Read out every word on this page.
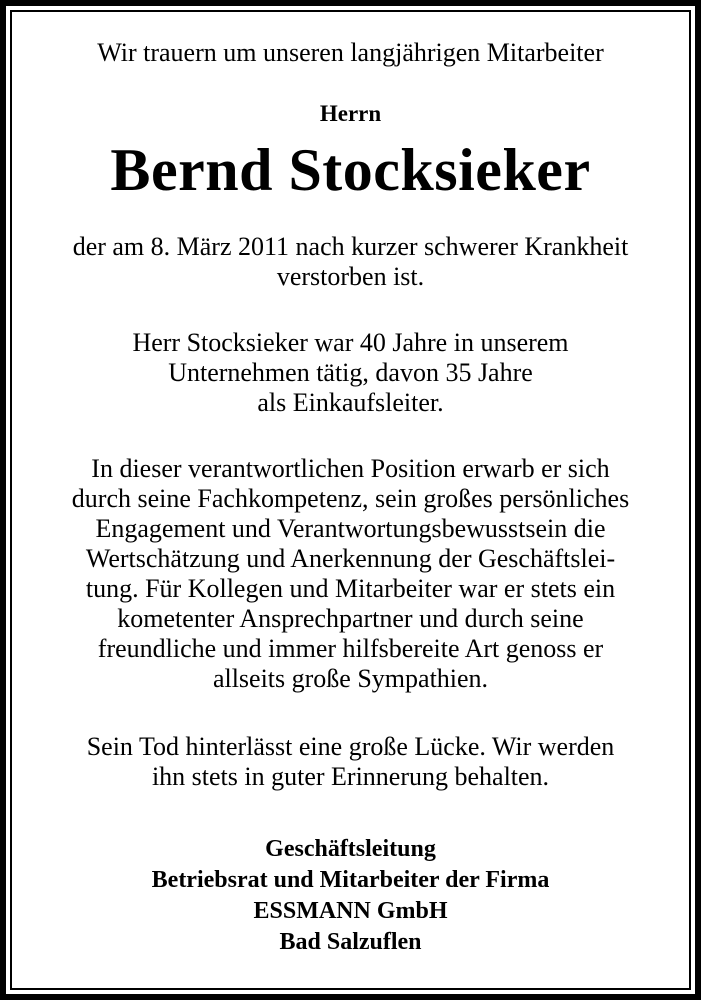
Wir trauern um unseren langjährigen Mitarbeiter
Herrn
Bernd Stocksieker
der am 8. März 2011 nach kurzer schwerer Krankheit
verstorben ist.
Herr Stocksieker war 40 Jahre in unserem
Unternehmen tätig, davon 35 Jahre
als Einkaufsleiter.
In dieser verantwortlichen Position erwarb er sich
durch seine Fachkompetenz, sein großes persönliches
Engagement und Verantwortungsbewusstsein die
Wertschätzung und Anerkennung der Geschäftslei-
tung. Für Kollegen und Mitarbeiter war er stets ein
kometenter Ansprechpartner und durch seine
freundliche und immer hilfsbereite Art genoss er
allseits große Sympathien.
Sein Tod hinterlässt eine große Lücke. Wir werden
ihn stets in guter Erinnerung behalten.
Geschäftsleitung
Betriebsrat und Mitarbeiter der Firma
ESSMANN GmbH
Bad Salzuflen
